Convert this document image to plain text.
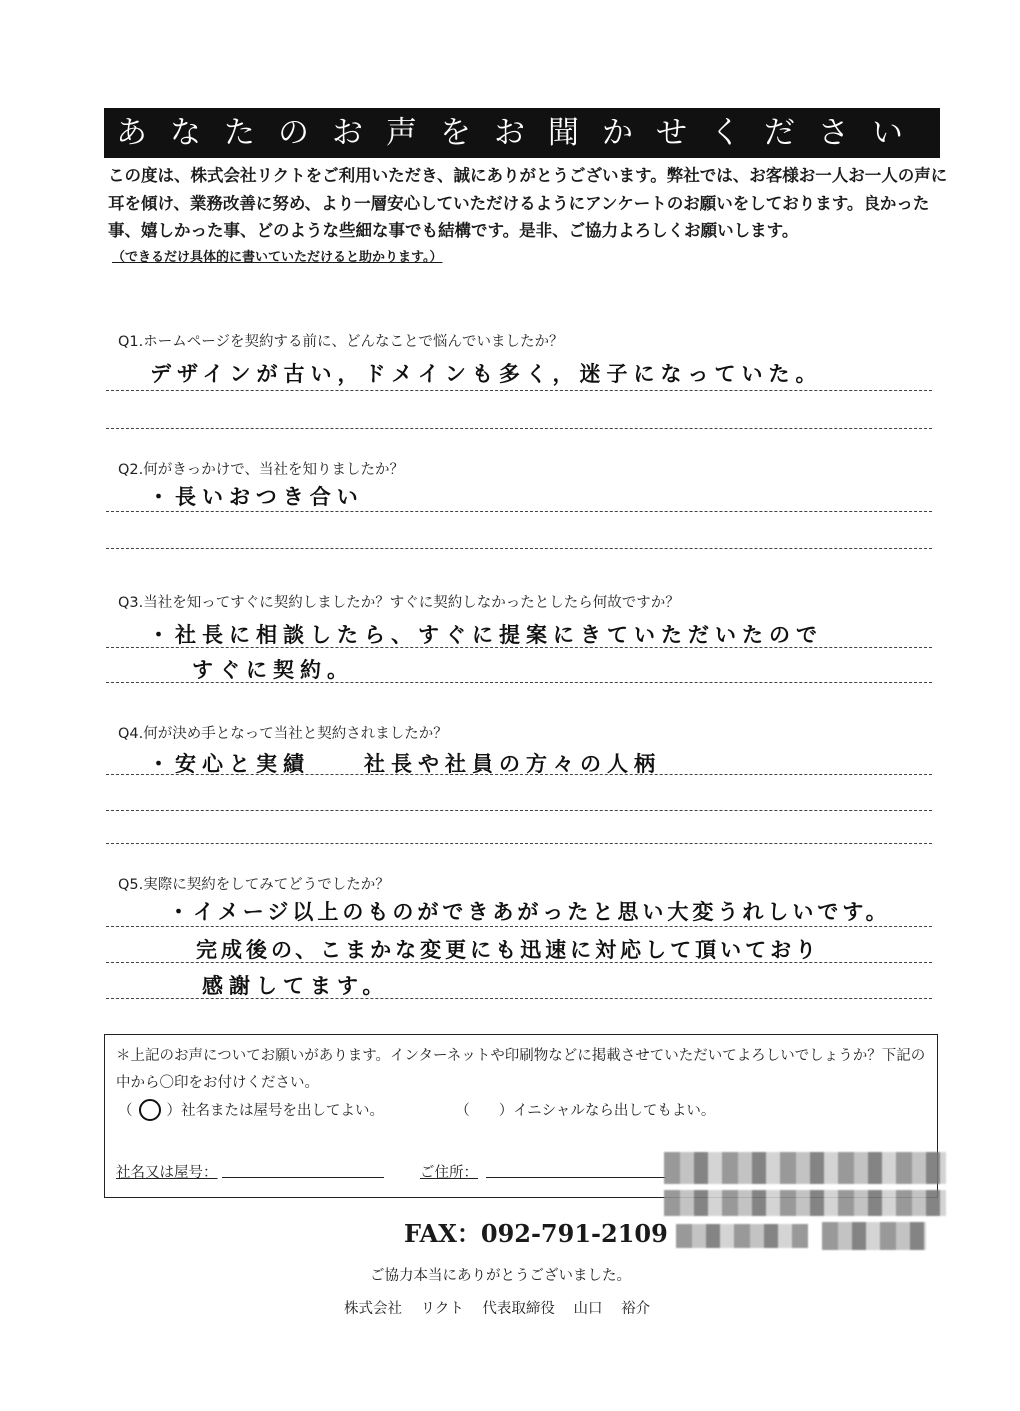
あなたのお声をお聞かせください

この度は、株式会社リクトをご利用いただき、誠にありがとうございます。弊社では、お客様お一人お一人の声に耳を傾け、業務改善に努め、より一層安心していただけるようにアンケートのお願いをしております。良かった事、嬉しかった事、どのような些細な事でも結構です。是非、ご協力よろしくお願いします。

（できるだけ具体的に書いていただけると助かります。）
Q1.ホームページを契約する前に、どんなことで悩んでいましたか？
デザインが古い，ドメインも多く，迷子になっていた。
Q2.何がきっかけで、当社を知りましたか？
・長いおつき合い
Q3.当社を知ってすぐに契約しましたか？すぐに契約しなかったとしたら何故ですか？
・社長に相談したら、すぐに提案にきていただいたので
すぐに契約。
Q4.何が決め手となって当社と契約されましたか？
・安心と実績　　社長や社員の方々の人柄
Q5.実際に契約をしてみてどうでしたか？
・イメージ以上のものができあがったと思い大変うれしいです。
完成後の、こまかな変更にも迅速に対応して頂いており
感謝してます。
＊上記のお声についてお願いがあります。インターネットや印刷物などに掲載させていただいてよろしいでしょうか？下記の中から〇印をお付けください。
（ ○ ）社名または屋号を出してよい。	（　　）イニシャルなら出してもよい。
社名又は屋号：	ご住所：
FAX：092-791-2109
ご協力本当にありがとうございました。
株式会社 リクト 代表取締役 山口 裕介
